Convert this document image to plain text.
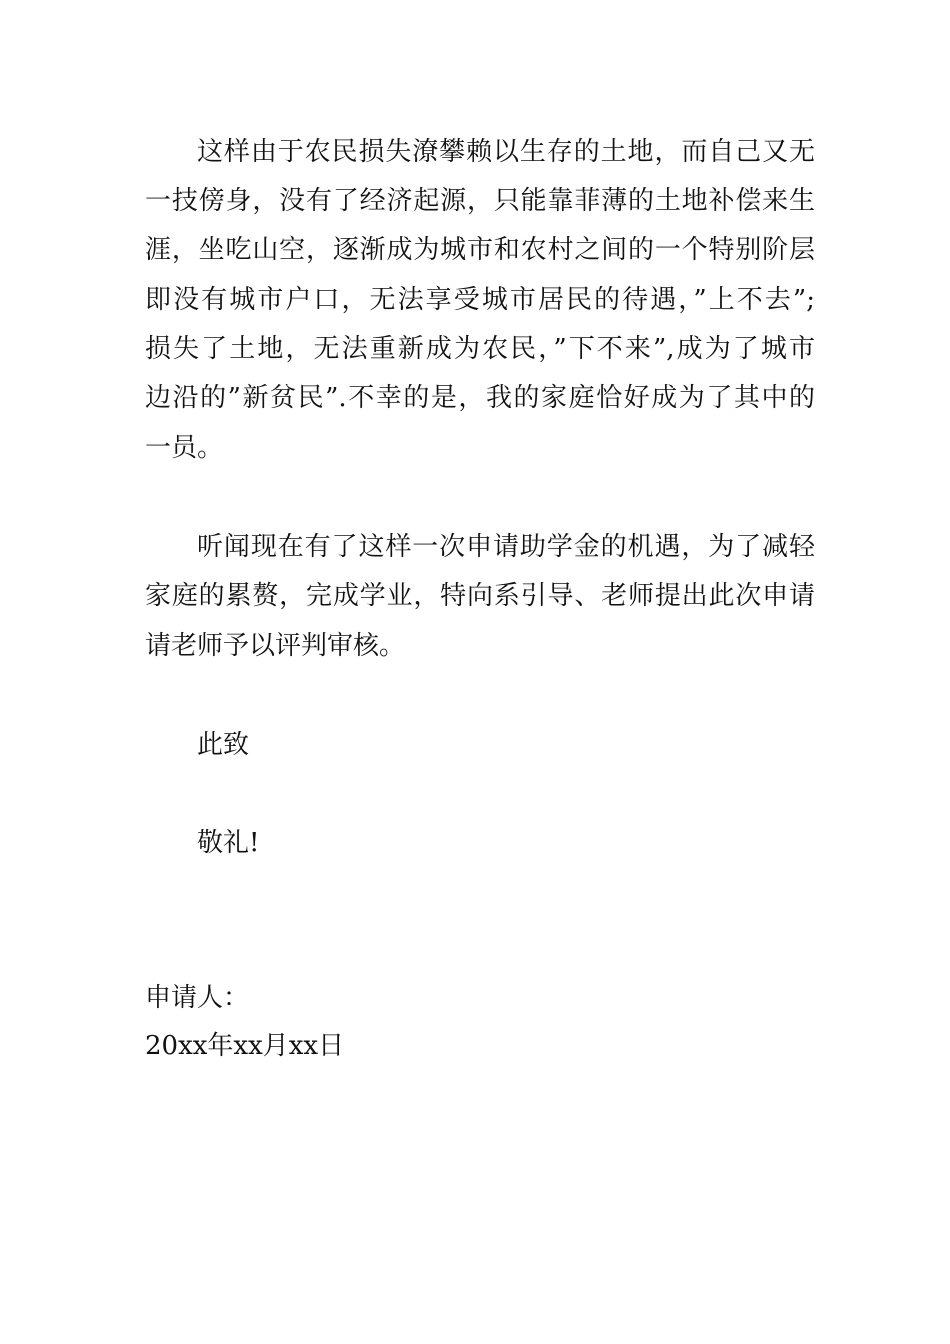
这样由于农民损失潦攀赖以生存的土地，而自己又无
一技傍身，没有了经济起源，只能靠菲薄的土地补偿来生
涯，坐吃山空，逐渐成为城市和农村之间的一个特别阶层
即没有城市户口，无法享受城市居民的待遇，”上不去”;
损失了土地，无法重新成为农民，”下不来”,成为了城市
边沿的”新贫民”.不幸的是，我的家庭恰好成为了其中的
一员。
听闻现在有了这样一次申请助学金的机遇，为了减轻
家庭的累赘，完成学业，特向系引导、老师提出此次申请
请老师予以评判审核。
此致
敬礼!
申请人：
20xx年xx月xx日
